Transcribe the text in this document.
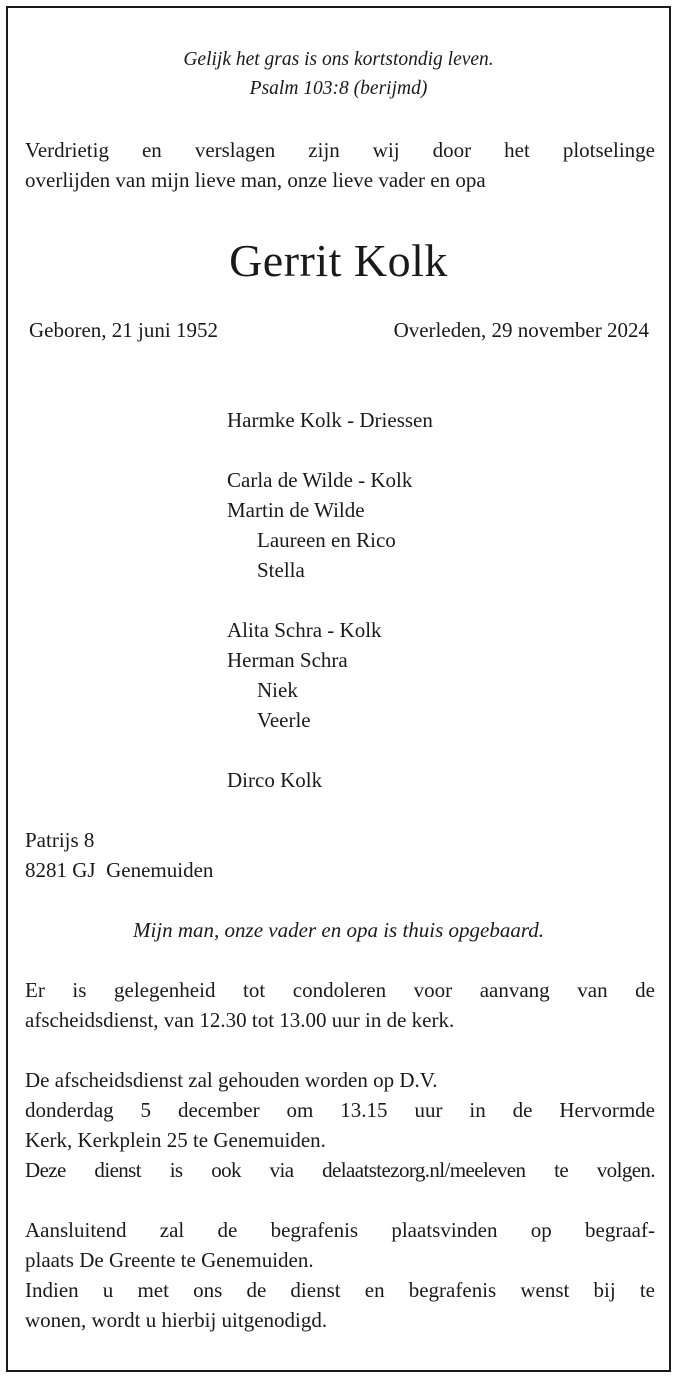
Gelijk het gras is ons kortstondig leven.
Psalm 103:8 (berijmd)
Verdrietig en verslagen zijn wij door het plotselinge
overlijden van mijn lieve man, onze lieve vader en opa
Gerrit Kolk
Geboren, 21 juni 1952	Overleden, 29 november 2024
Harmke Kolk - Driessen
Carla de Wilde - Kolk
Martin de Wilde
Laureen en Rico
Stella
Alita Schra - Kolk
Herman Schra
Niek
Veerle
Dirco Kolk
Patrijs 8
8281 GJ  Genemuiden
Mijn man, onze vader en opa is thuis opgebaard.
Er is gelegenheid tot condoleren voor aanvang van de
afscheidsdienst, van 12.30 tot 13.00 uur in de kerk.
De afscheidsdienst zal gehouden worden op D.V.
donderdag 5 december om 13.15 uur in de Hervormde
Kerk, Kerkplein 25 te Genemuiden.
Deze dienst is ook via delaatstezorg.nl/meeleven te volgen.
Aansluitend zal de begrafenis plaatsvinden op begraaf-
plaats De Greente te Genemuiden.
Indien u met ons de dienst en begrafenis wenst bij te
wonen, wordt u hierbij uitgenodigd.
